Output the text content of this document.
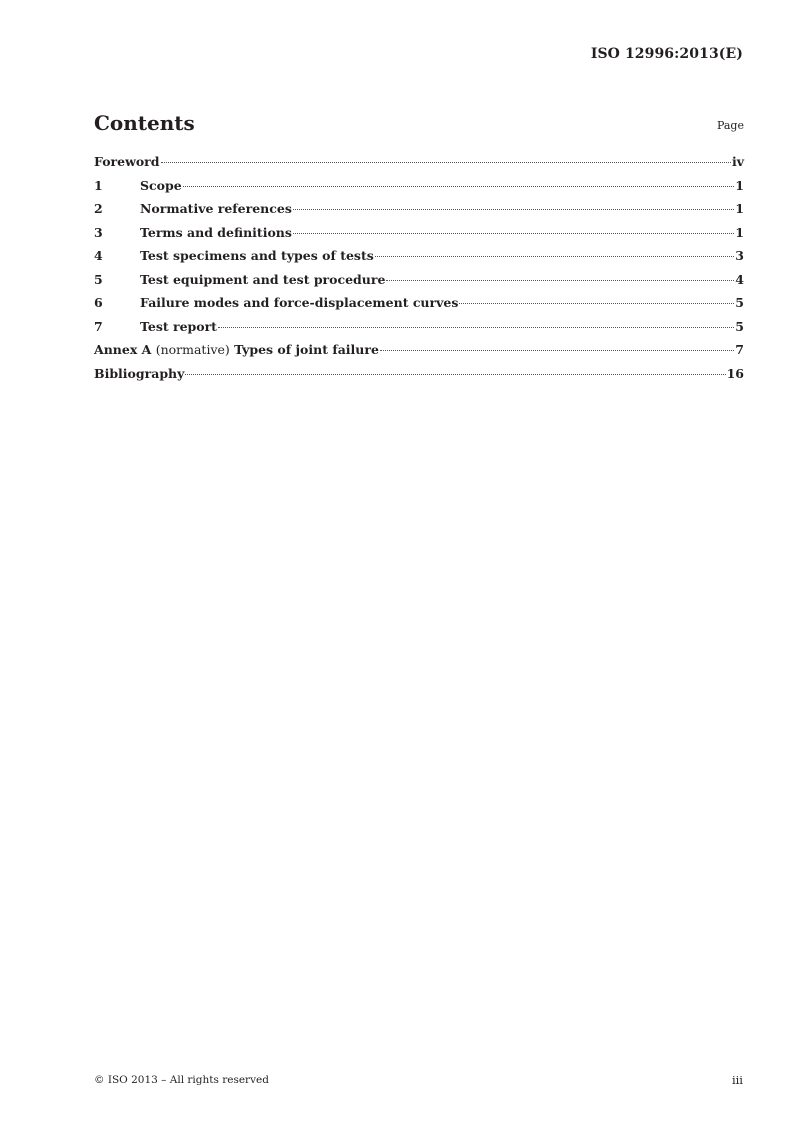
ISO 12996:2013(E)
Contents	Page
Foreword	iv
1	Scope	1
2	Normative references	1
3	Terms and definitions	1
4	Test specimens and types of tests	3
5	Test equipment and test procedure	4
6	Failure modes and force-displacement curves	5
7	Test report	5
Annex A (normative) Types of joint failure	7
Bibliography	16
© ISO 2013 – All rights reserved	iii
